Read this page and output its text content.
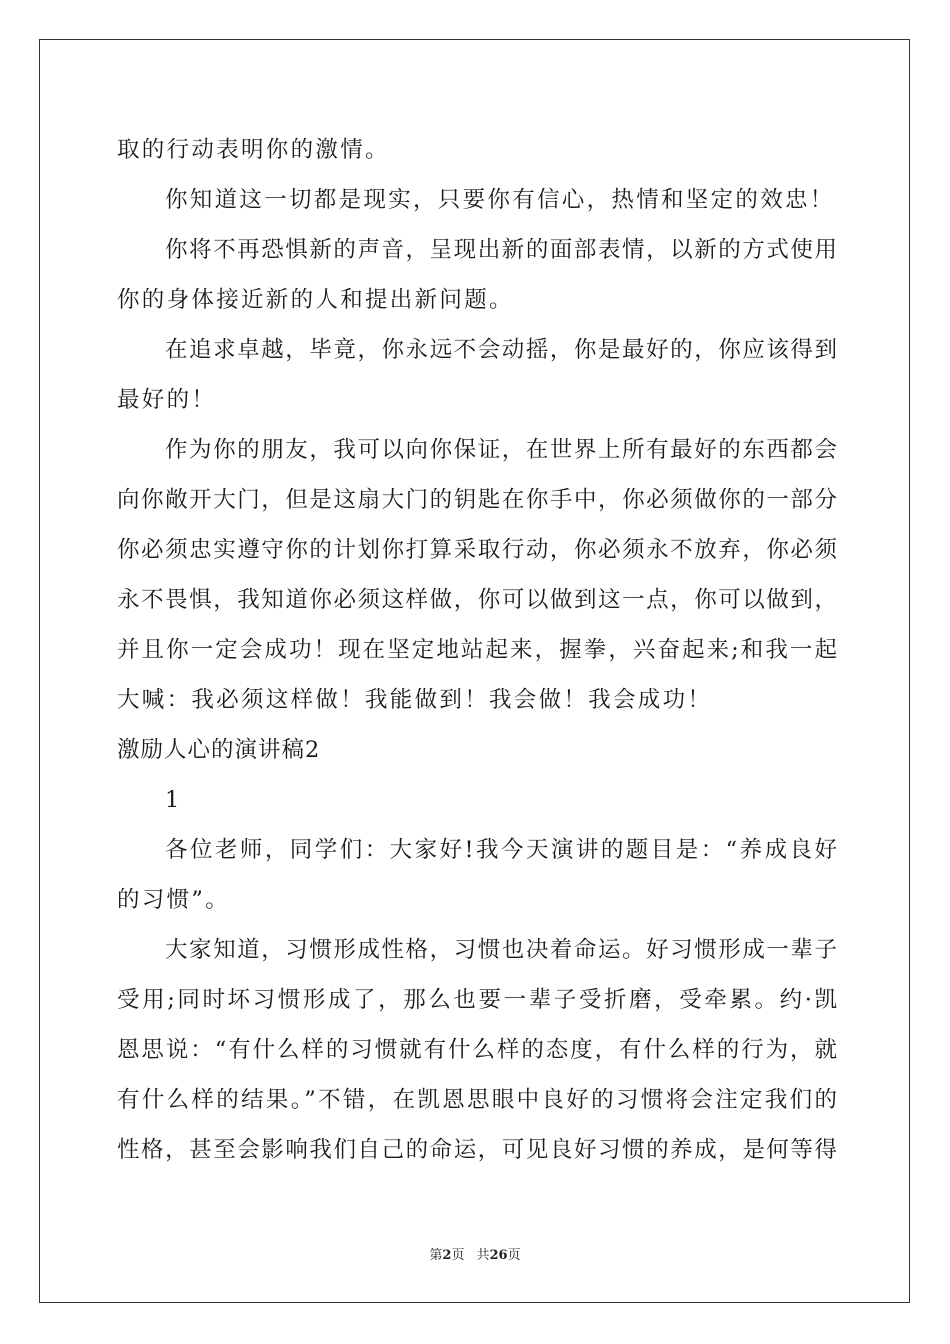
取的行动表明你的激情。
你知道这一切都是现实，只要你有信心，热情和坚定的效忠！
你将不再恐惧新的声音，呈现出新的面部表情，以新的方式使用
你的身体接近新的人和提出新问题。
在追求卓越，毕竟，你永远不会动摇，你是最好的，你应该得到
最好的！
作为你的朋友，我可以向你保证，在世界上所有最好的东西都会
向你敞开大门，但是这扇大门的钥匙在你手中，你必须做你的一部分
你必须忠实遵守你的计划你打算采取行动，你必须永不放弃，你必须
永不畏惧，我知道你必须这样做，你可以做到这一点，你可以做到，
并且你一定会成功！现在坚定地站起来，握拳，兴奋起来;和我一起
大喊：我必须这样做！我能做到！我会做！我会成功！
激励人心的演讲稿2
1
各位老师，同学们：大家好!我今天演讲的题目是：“养成良好
的习惯”。
大家知道，习惯形成性格，习惯也决着命运。好习惯形成一辈子
受用;同时坏习惯形成了，那么也要一辈子受折磨，受牵累。约·凯
恩思说：“有什么样的习惯就有什么样的态度，有什么样的行为，就
有什么样的结果。”不错，在凯恩思眼中良好的习惯将会注定我们的
性格，甚至会影响我们自己的命运，可见良好习惯的养成，是何等得
第2页 共26页
